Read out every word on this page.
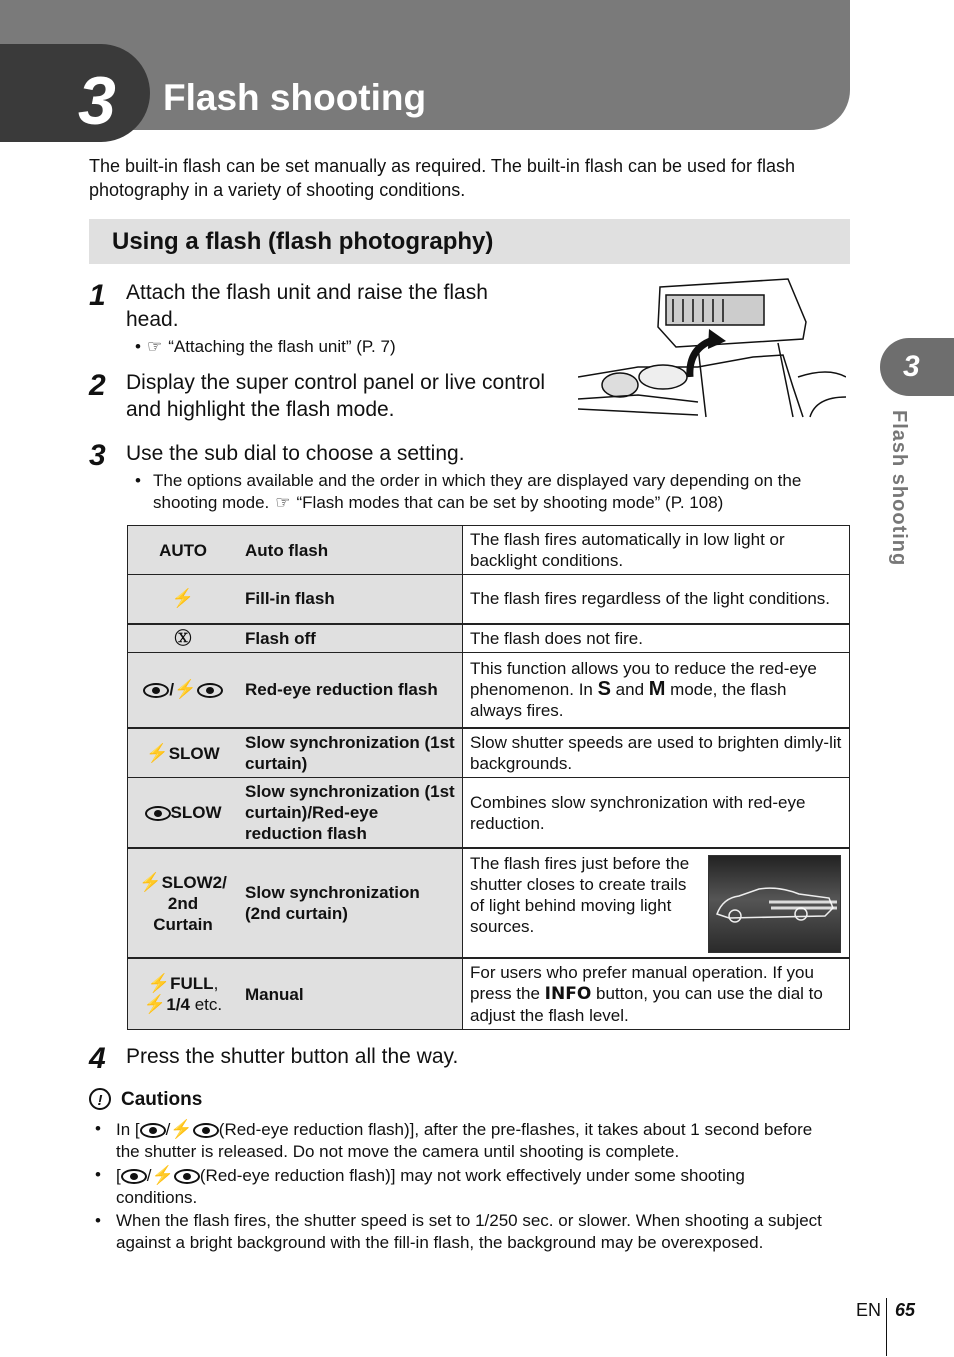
3 Flash shooting
The built-in flash can be set manually as required. The built-in flash can be used for flash photography in a variety of shooting conditions.
Using a flash (flash photography)
1 Attach the flash unit and raise the flash head.
• ☞ “Attaching the flash unit” (P. 7)
2 Display the super control panel or live control and highlight the flash mode.
3 Use the sub dial to choose a setting.
• The options available and the order in which they are displayed vary depending on the shooting mode. ☞ “Flash modes that can be set by shooting mode” (P. 108)
AUTO	Auto flash	The flash fires automatically in low light or backlight conditions.
⚡	Fill-in flash	The flash fires regardless of the light conditions.
Ⓧ	Flash off	The flash does not fire.
/⚡	Red-eye reduction flash	This function allows you to reduce the red-eye phenomenon. In S and M mode, the flash always fires.
⚡SLOW	Slow synchronization (1st curtain)	Slow shutter speeds are used to brighten dimly-lit backgrounds.
SLOW	Slow synchronization (1st curtain)/Red-eye reduction flash	Combines slow synchronization with red-eye reduction.
⚡SLOW2/
2nd
Curtain	Slow synchronization (2nd curtain)	The flash fires just before the shutter closes to create trails of light behind moving light sources.

⚡FULL,
⚡1/4 etc.	Manual	For users who prefer manual operation. If you press the INFO button, you can use the dial to adjust the flash level.
4 Press the shutter button all the way.
! Cautions
• In [ /⚡ (Red-eye reduction flash)], after the pre-flashes, it takes about 1 second before the shutter is released. Do not move the camera until shooting is complete.
• [ /⚡ (Red-eye reduction flash)] may not work effectively under some shooting conditions.
• When the flash fires, the shutter speed is set to 1/250 sec. or slower. When shooting a subject against a bright background with the fill-in flash, the background may be overexposed.
3
Flash shooting
EN 65
